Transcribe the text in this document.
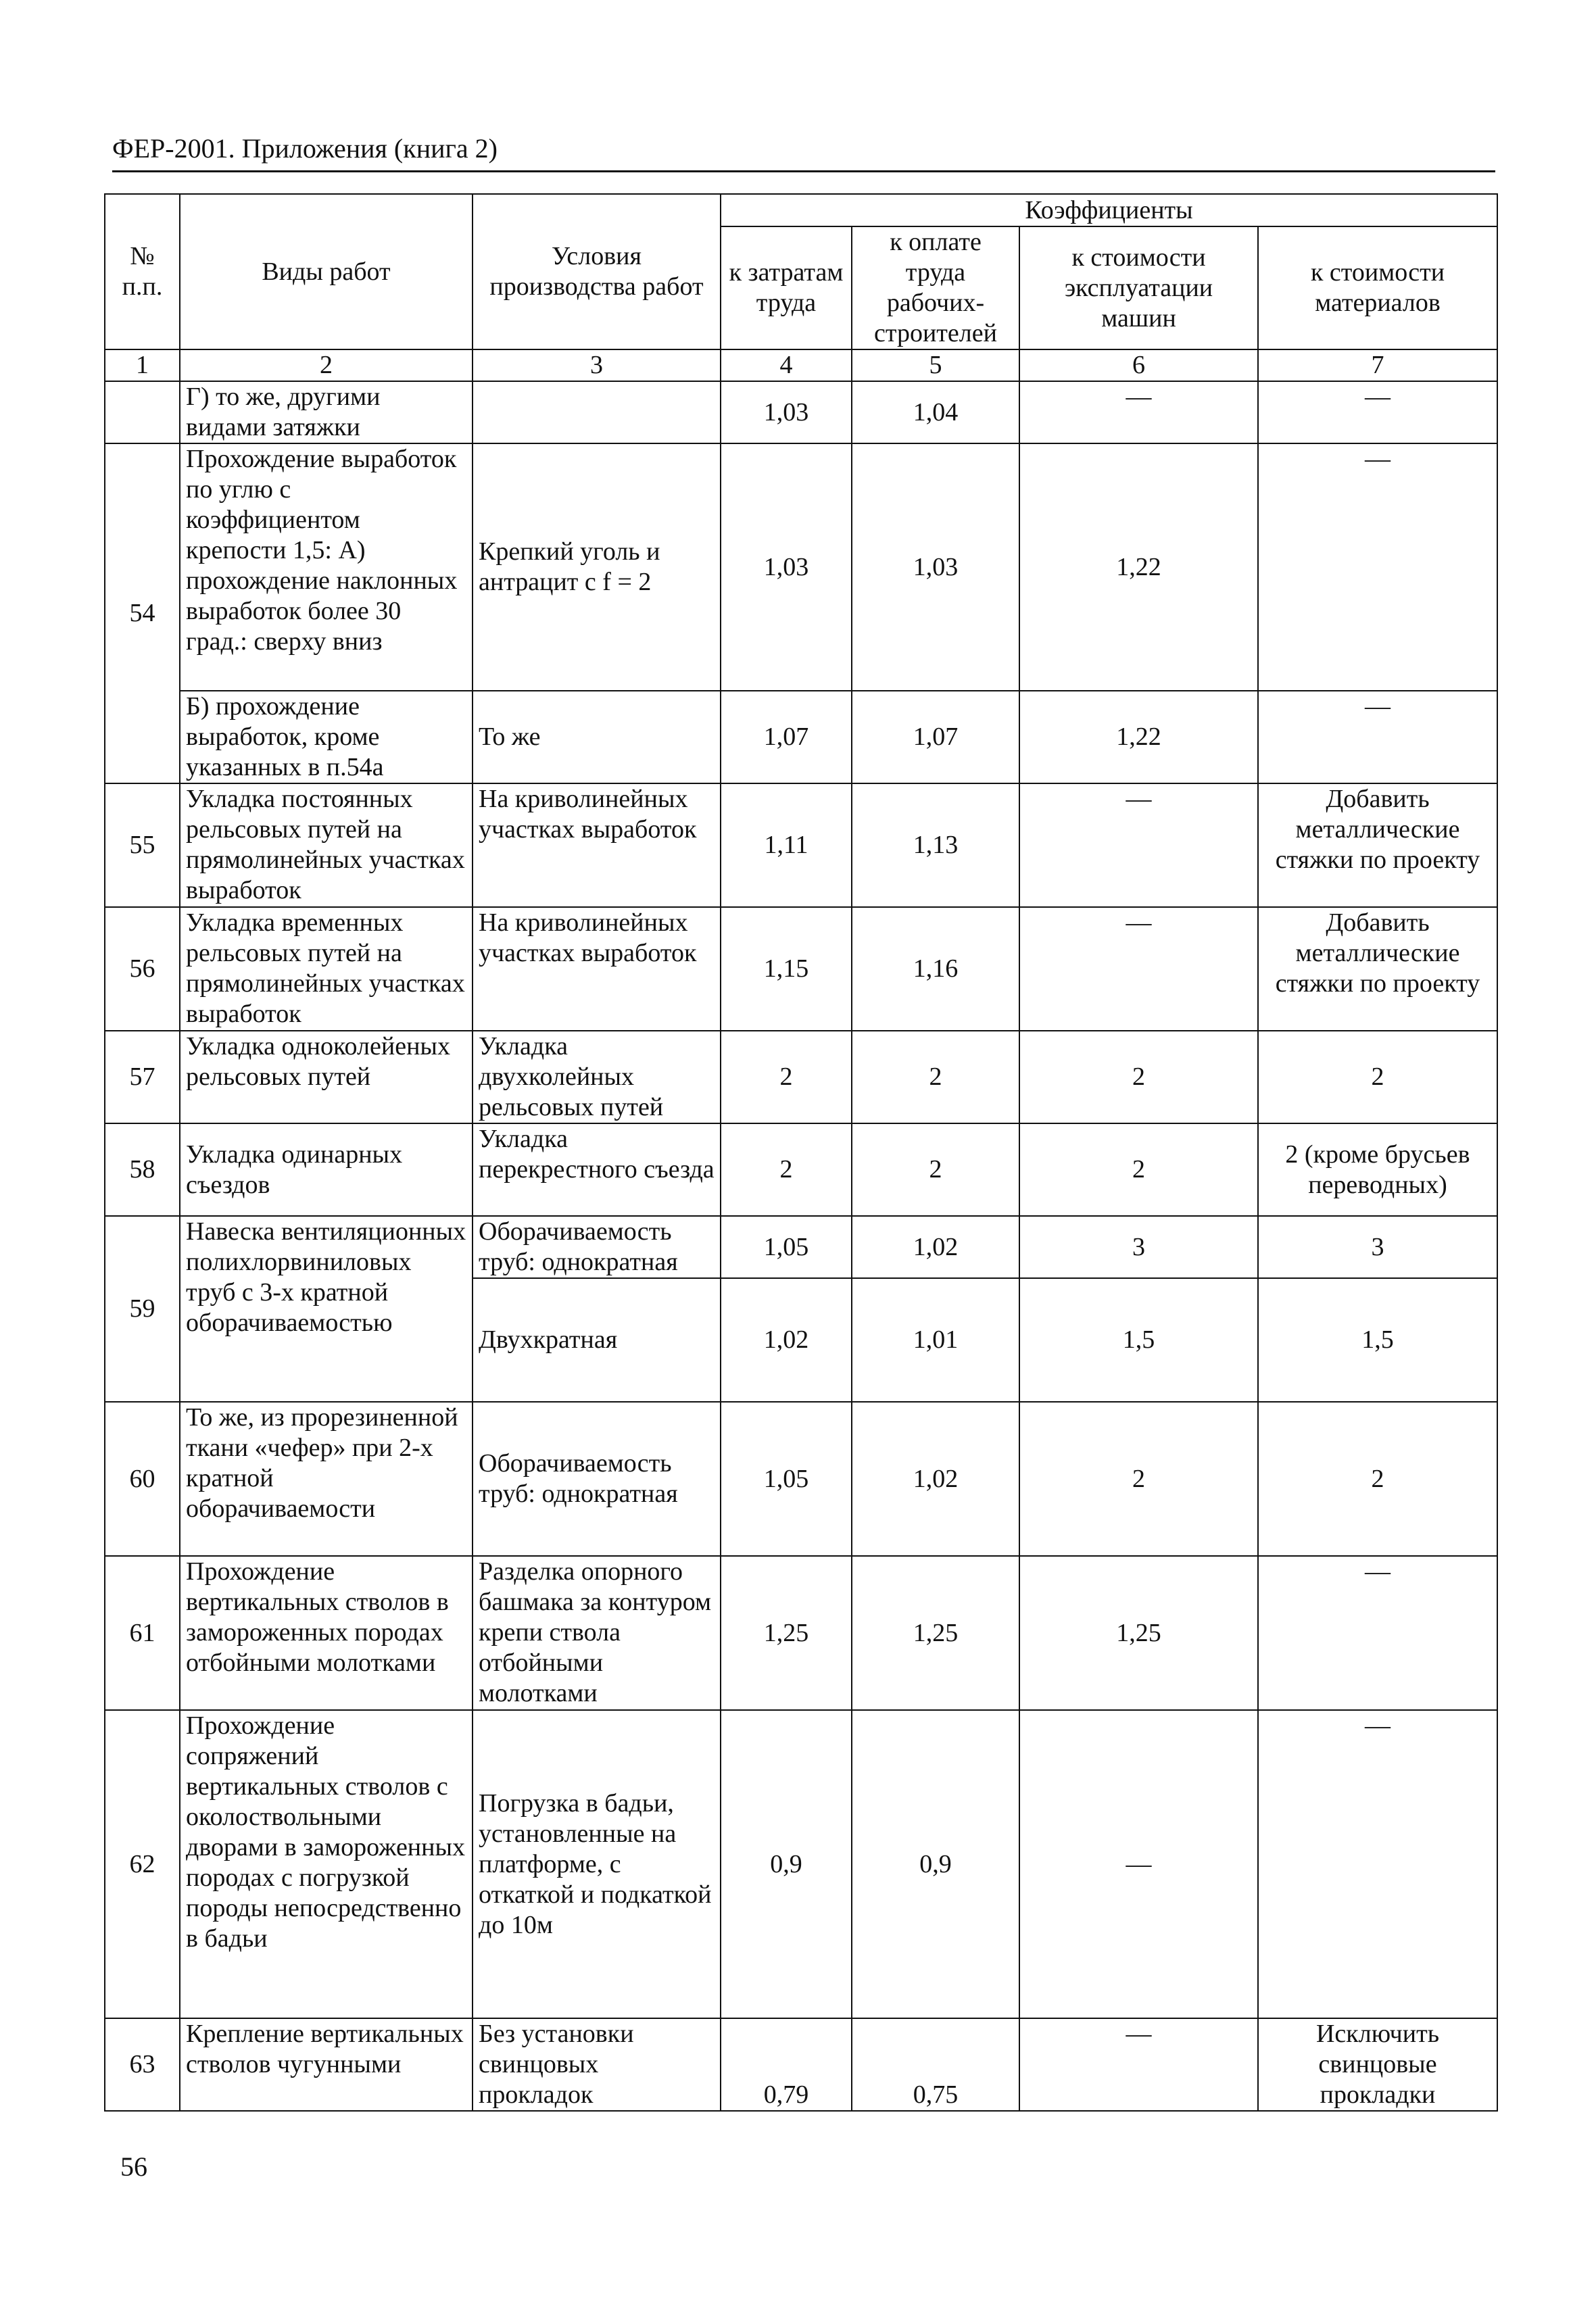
ФЕР-2001. Приложения (книга 2)
№ п.п.	Виды работ	Условия производства работ	Коэффициенты			
			к затратам труда	к оплате труда рабочих-строителей	к стоимости эксплуатации машин	к стоимости материалов
1	2	3	4	5	6	7
	Г) то же, другими видами затяжки		1,03	1,04	—	—
54	Прохождение выработок по углю с коэффициентом крепости 1,5: А) прохождение наклонных выработок более 30 град.: сверху вниз	Крепкий уголь и антрацит с f = 2	1,03	1,03	1,22	—
	Б) прохождение выработок, кроме указанных в п.54а	То же	1,07	1,07	1,22	—
55	Укладка постоянных рельсовых путей на прямолинейных участках выработок	На криволинейных участках выработок	1,11	1,13	—	Добавить металлические стяжки по проекту
56	Укладка временных рельсовых путей на прямолинейных участках выработок	На криволинейных участках выработок	1,15	1,16	—	Добавить металлические стяжки по проекту
57	Укладка одноколейеных рельсовых путей	Укладка двухколейных рельсовых путей	2	2	2	2
58	Укладка одинарных съездов	Укладка перекрестного съезда	2	2	2	2 (кроме брусьев переводных)
59	Навеска вентиляционных полихлорвиниловых труб с 3-х кратной оборачиваемостью	Оборачиваемость труб: однократная	1,05	1,02	3	3
		Двухкратная	1,02	1,01	1,5	1,5
60	То же, из прорезиненной ткани «чефер» при 2-х кратной оборачиваемости	Оборачиваемость труб: однократная	1,05	1,02	2	2
61	Прохождение вертикальных стволов в замороженных породах отбойными молотками	Разделка опорного башмака за контуром крепи ствола отбойными молотками	1,25	1,25	1,25	—
62	Прохождение сопряжений вертикальных стволов с околоствольными дворами в замороженных породах с погрузкой породы непосредственно в бадьи	Погрузка в бадьи, установленные на платформе, с откаткой и подкаткой до 10м	0,9	0,9	—	—
63	Крепление вертикальных стволов чугунными	Без установки свинцовых прокладок	0,79	0,75	—	Исключить свинцовые прокладки
56
